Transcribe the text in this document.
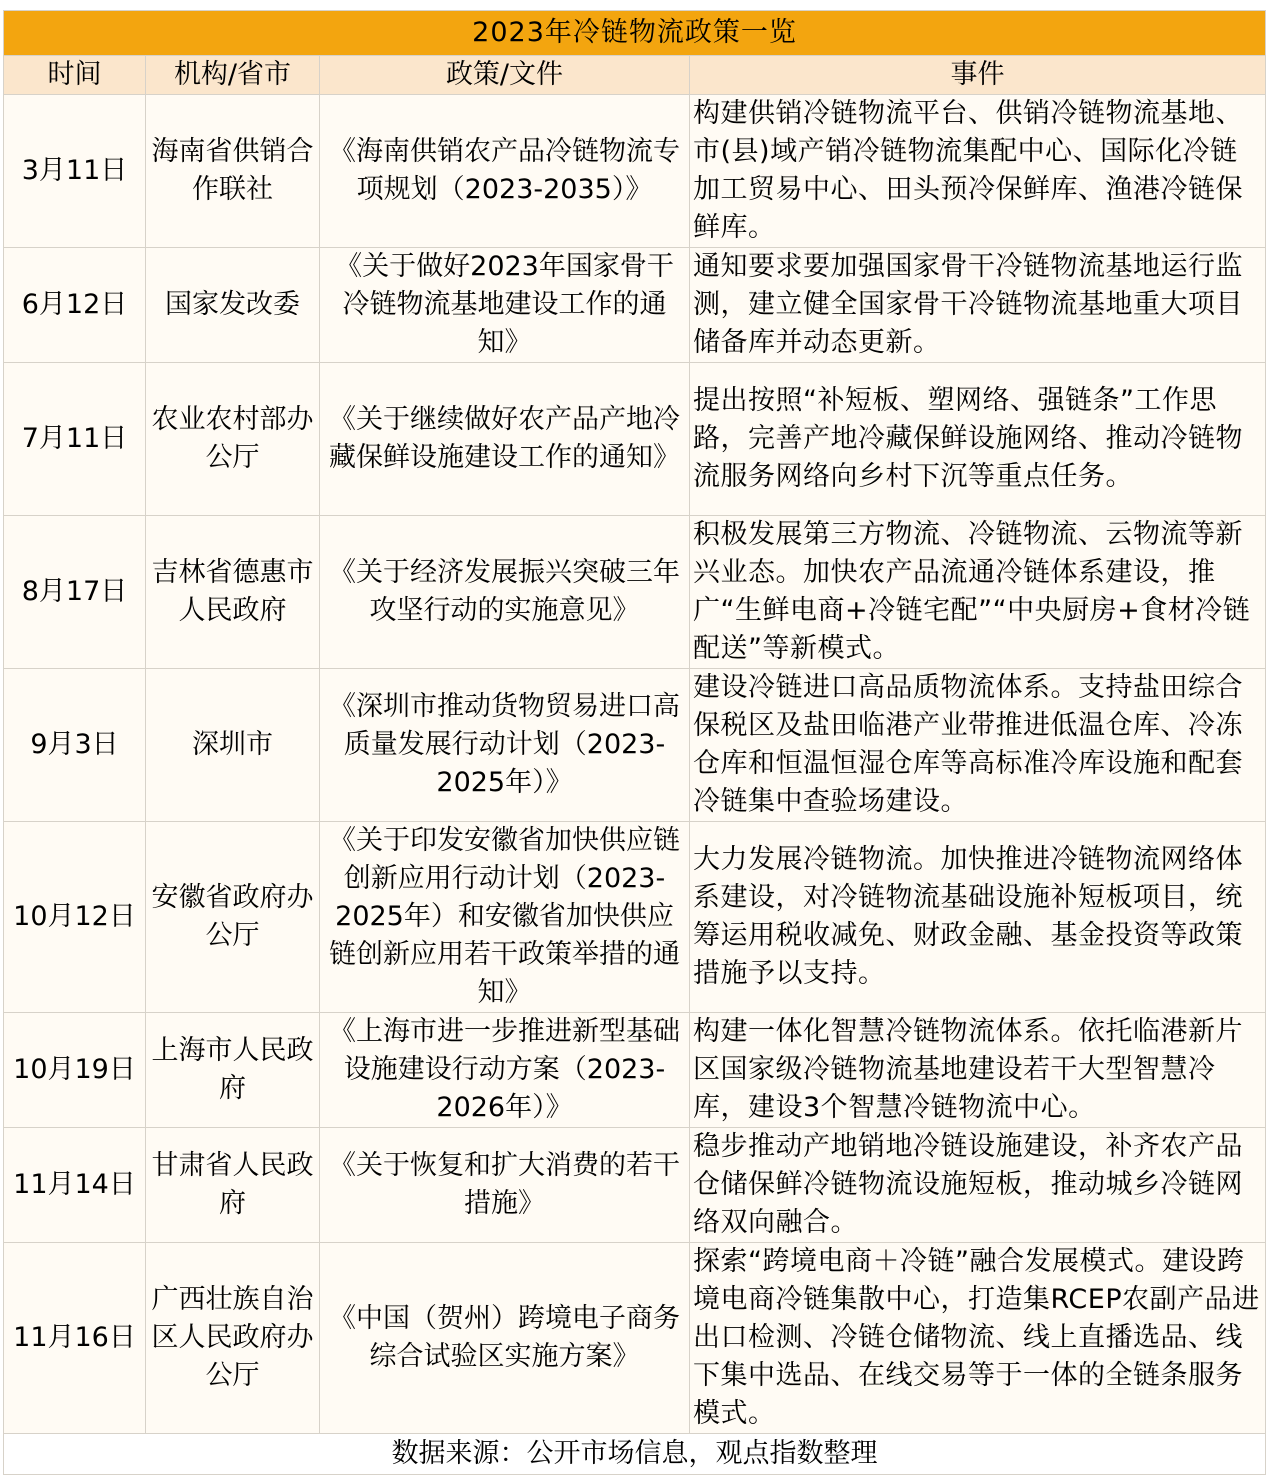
2023年冷链物流政策一览			
时间	机构/省市	政策/文件	事件
3月11日	海南省供销合作联社	《海南供销农产品冷链物流专项规划（2023-2035）》	构建供销冷链物流平台、供销冷链物流基地、市(县)域产销冷链物流集配中心、国际化冷链加工贸易中心、田头预冷保鲜库、渔港冷链保鲜库。
6月12日	国家发改委	《关于做好2023年国家骨干冷链物流基地建设工作的通知》	通知要求要加强国家骨干冷链物流基地运行监测，建立健全国家骨干冷链物流基地重大项目储备库并动态更新。
7月11日	农业农村部办公厅	《关于继续做好农产品产地冷藏保鲜设施建设工作的通知》	提出按照“补短板、塑网络、强链条”工作思路，完善产地冷藏保鲜设施网络、推动冷链物流服务网络向乡村下沉等重点任务。
8月17日	吉林省德惠市人民政府	《关于经济发展振兴突破三年攻坚行动的实施意见》	积极发展第三方物流、冷链物流、云物流等新兴业态。加快农产品流通冷链体系建设，推广“生鲜电商+冷链宅配”“中央厨房+食材冷链配送”等新模式。
9月3日	深圳市	《深圳市推动货物贸易进口高质量发展行动计划（2023-2025年）》	建设冷链进口高品质物流体系。支持盐田综合保税区及盐田临港产业带推进低温仓库、冷冻仓库和恒温恒湿仓库等高标准冷库设施和配套冷链集中查验场建设。
10月12日	安徽省政府办公厅	《关于印发安徽省加快供应链创新应用行动计划（2023-2025年）和安徽省加快供应链创新应用若干政策举措的通知》	大力发展冷链物流。加快推进冷链物流网络体系建设，对冷链物流基础设施补短板项目，统筹运用税收减免、财政金融、基金投资等政策措施予以支持。
10月19日	上海市人民政府	《上海市进一步推进新型基础设施建设行动方案（2023-2026年）》	构建一体化智慧冷链物流体系。依托临港新片区国家级冷链物流基地建设若干大型智慧冷库，建设3个智慧冷链物流中心。
11月14日	甘肃省人民政府	《关于恢复和扩大消费的若干措施》	稳步推动产地销地冷链设施建设，补齐农产品仓储保鲜冷链物流设施短板，推动城乡冷链网络双向融合。
11月16日	广西壮族自治区人民政府办公厅	《中国（贺州）跨境电子商务综合试验区实施方案》	探索“跨境电商＋冷链”融合发展模式。建设跨境电商冷链集散中心，打造集RCEP农副产品进出口检测、冷链仓储物流、线上直播选品、线下集中选品、在线交易等于一体的全链条服务模式。
数据来源：公开市场信息，观点指数整理			
